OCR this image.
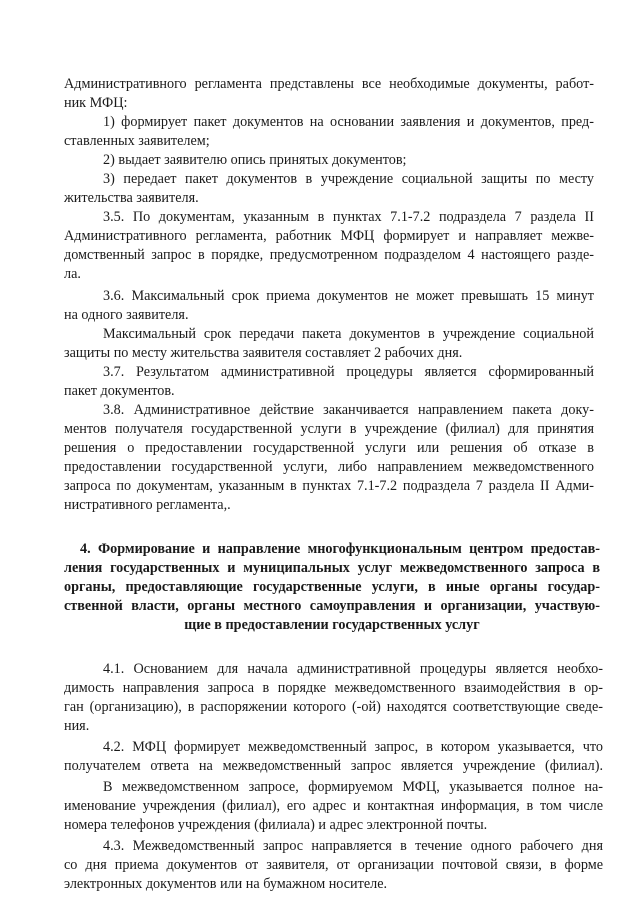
Административного регламента представлены все необходимые документы, работ-
ник МФЦ:
1) формирует пакет документов на основании заявления и документов, пред-
ставленных заявителем;
2) выдает заявителю опись принятых документов;
3) передает пакет документов в учреждение социальной защиты по месту
жительства заявителя.
3.5. По документам, указанным в пунктах 7.1-7.2 подраздела 7 раздела II
Административного регламента, работник МФЦ формирует и направляет межве-
домственный запрос в порядке, предусмотренном подразделом 4 настоящего разде-
ла.
3.6. Максимальный срок приема документов не может превышать 15 минут
на одного заявителя.
Максимальный срок передачи пакета документов в учреждение социальной
защиты по месту жительства заявителя составляет 2 рабочих дня.
3.7. Результатом административной процедуры является сформированный
пакет документов.
3.8. Административное действие заканчивается направлением пакета доку-
ментов получателя государственной услуги в учреждение (филиал) для принятия
решения о предоставлении государственной услуги или решения об отказе в
предоставлении государственной услуги, либо направлением межведомственного
запроса по документам, указанным в пунктах 7.1-7.2 подраздела 7 раздела II Адми-
нистративного регламента,.
4. Формирование и направление многофункциональным центром предостав-
ления государственных и муниципальных услуг межведомственного запроса в
органы, предоставляющие государственные услуги, в иные органы государ-
ственной власти, органы местного самоуправления и организации, участвую-
щие в предоставлении государственных услуг
4.1. Основанием для начала административной процедуры является необхо-
димость направления запроса в порядке межведомственного взаимодействия в ор-
ган (организацию), в распоряжении которого (-ой) находятся соответствующие сведе-
ния.
4.2. МФЦ формирует межведомственный запрос, в котором указывается, что
получателем ответа на межведомственный запрос является учреждение (филиал).
В межведомственном запросе, формируемом МФЦ, указывается полное на-
именование учреждения (филиал), его адрес и контактная информация, в том числе
номера телефонов учреждения (филиала) и адрес электронной почты.
4.3. Межведомственный запрос направляется в течение одного рабочего дня
со дня приема документов от заявителя, от организации почтовой связи, в форме
электронных документов или на бумажном носителе.
